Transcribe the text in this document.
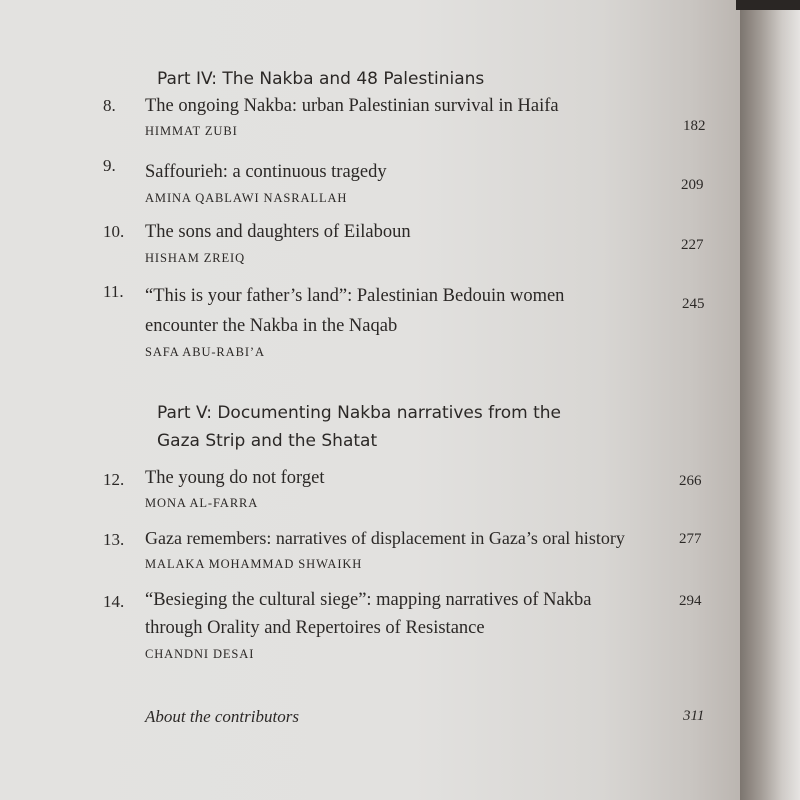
Part IV: The Nakba and 48 Palestinians
8. The ongoing Nakba: urban Palestinian survival in Haifa
HIMMAT ZUBI	182
9. Saffourieh: a continuous tragedy
AMINA QABLAWI NASRALLAH
209
10. The sons and daughters of Eilaboun
HISHAM ZREIQ
227
11. “This is your father’s land”: Palestinian Bedouin women
encounter the Nakba in the Naqab
SAFA ABU-RABI’A
245
Part V: Documenting Nakba narratives from the
Gaza Strip and the Shatat
12. The young do not forget
MONA AL-FARRA
266
13. Gaza remembers: narratives of displacement in Gaza’s oral history
MALAKA MOHAMMAD SHWAIKH
277
14. “Besieging the cultural siege”: mapping narratives of Nakba
through Orality and Repertoires of Resistance
CHANDNI DESAI
294
About the contributors	311
